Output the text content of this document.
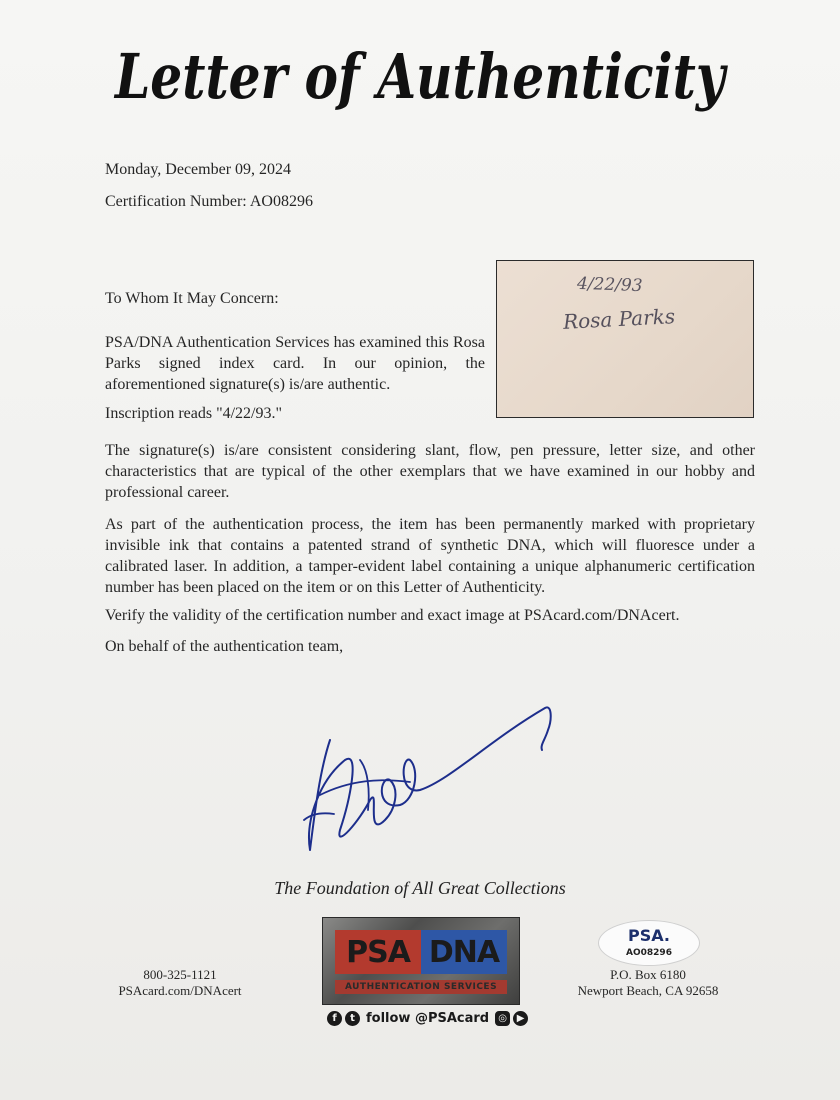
Letter of Authenticity
Monday, December 09, 2024
Certification Number: AO08296
To Whom It May Concern:

PSA/DNA Authentication Services has examined this Rosa Parks signed index card. In our opinion, the aforementioned signature(s) is/are authentic.

Inscription reads "4/22/93."

The signature(s) is/are consistent considering slant, flow, pen pressure, letter size, and other characteristics that are typical of the other exemplars that we have examined in our hobby and professional career.

As part of the authentication process, the item has been permanently marked with proprietary invisible ink that contains a patented strand of synthetic DNA, which will fluoresce under a calibrated laser. In addition, a tamper-evident label containing a unique alphanumeric certification number has been placed on the item or on this Letter of Authenticity.

Verify the validity of the certification number and exact image at PSAcard.com/DNAcert.
On behalf of the authentication team,
4/22/93
Rosa Parks
The Foundation of All Great Collections
800-325-1121
PSAcard.com/DNAcert
PSA DNA
AUTHENTICATION SERVICES
f	t follow @PSAcard ◎ ▶
PSA.
AO08296
P.O. Box 6180
Newport Beach, CA 92658
